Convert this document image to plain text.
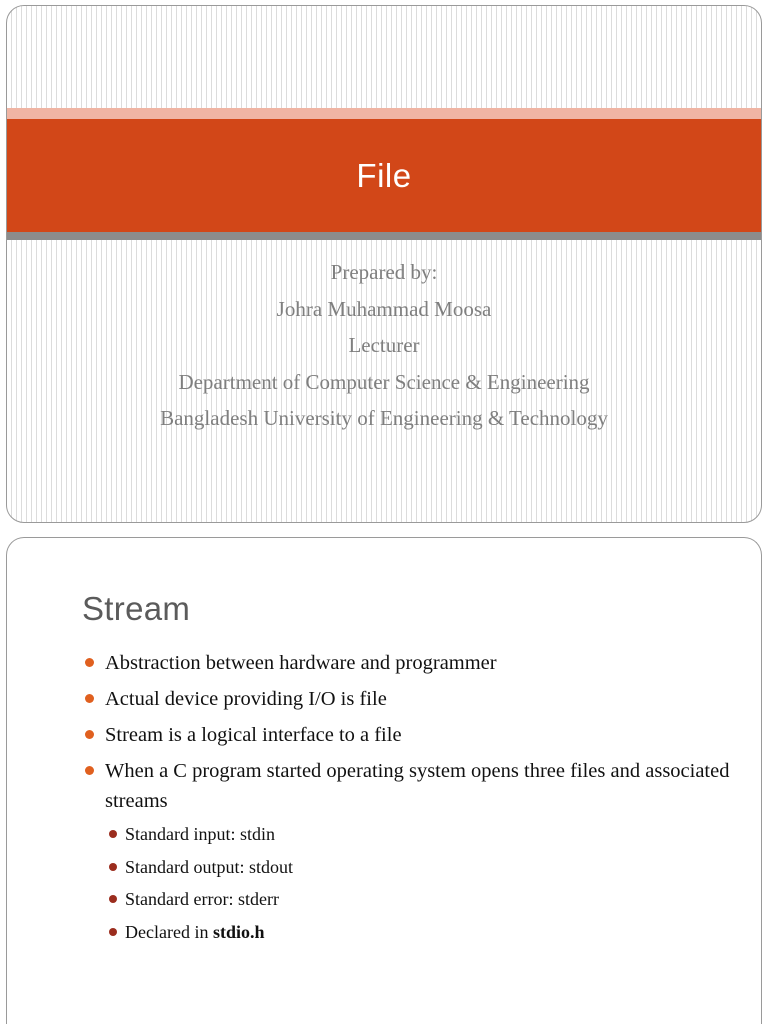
File
Prepared by:
Johra Muhammad Moosa
Lecturer
Department of Computer Science & Engineering
Bangladesh University of Engineering & Technology
Stream
Abstraction between hardware and programmer
Actual device providing I/O is file
Stream is a logical interface to a file
When a C program started operating system opens three files and associated streams
Standard input: stdin
Standard output: stdout
Standard error: stderr
Declared in stdio.h
